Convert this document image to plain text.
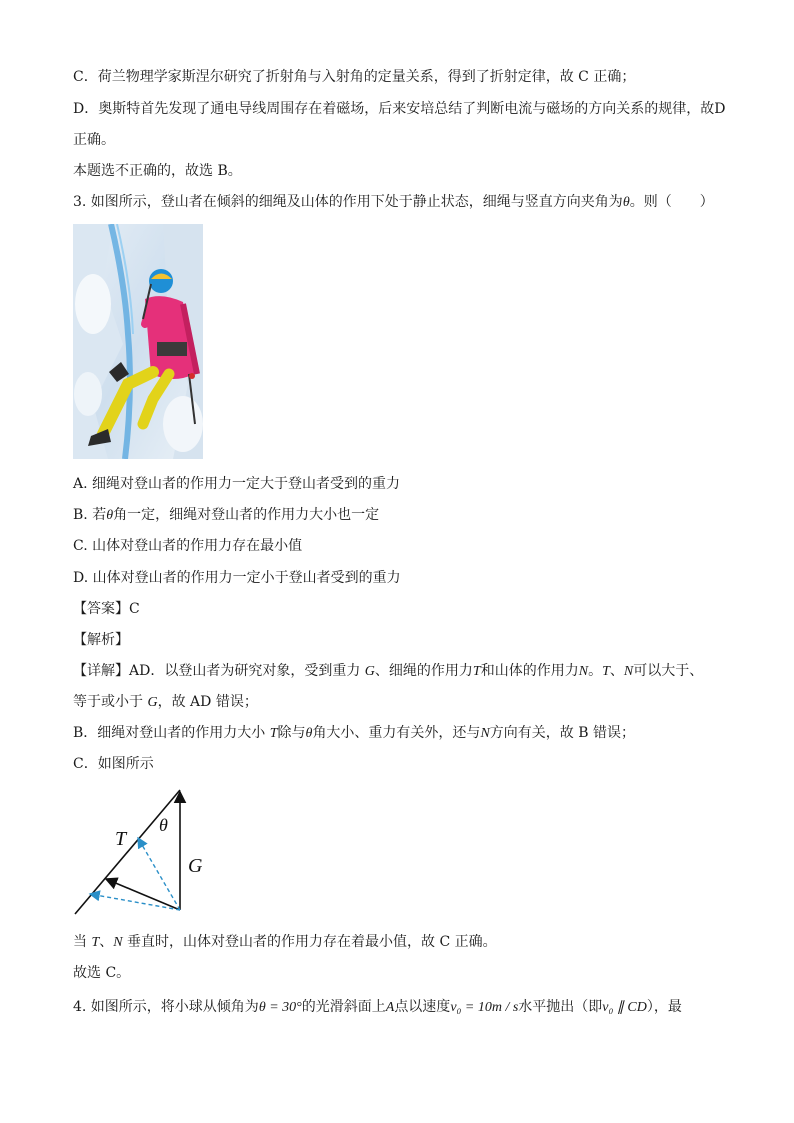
C．荷兰物理学家斯涅尔研究了折射角与入射角的定量关系，得到了折射定律，故 C 正确；
D．奥斯特首先发现了通电导线周围存在着磁场，后来安培总结了判断电流与磁场的方向关系的规律，故D
正确。
本题选不正确的，故选 B。
3. 如图所示，登山者在倾斜的细绳及山体的作用下处于静止状态，细绳与竖直方向夹角为θ。则（　　）
A. 细绳对登山者的作用力一定大于登山者受到的重力
B. 若θ角一定，细绳对登山者的作用力大小也一定
C. 山体对登山者的作用力存在最小值
D. 山体对登山者的作用力一定小于登山者受到的重力
【答案】C
【解析】
【详解】AD．以登山者为研究对象，受到重力 G、细绳的作用力T和山体的作用力N。T、N可以大于、
等于或小于 G，故 AD 错误；
B．细绳对登山者的作用力大小 T除与θ角大小、重力有关外，还与N方向有关，故 B 错误；
C．如图所示
T
θ
G
当 T、N 垂直时，山体对登山者的作用力存在着最小值，故 C 正确。
故选 C。
4. 如图所示，将小球从倾角为θ = 30°的光滑斜面上A点以速度v₀ = 10m / s水平抛出（即v₀ ∥ CD），最
